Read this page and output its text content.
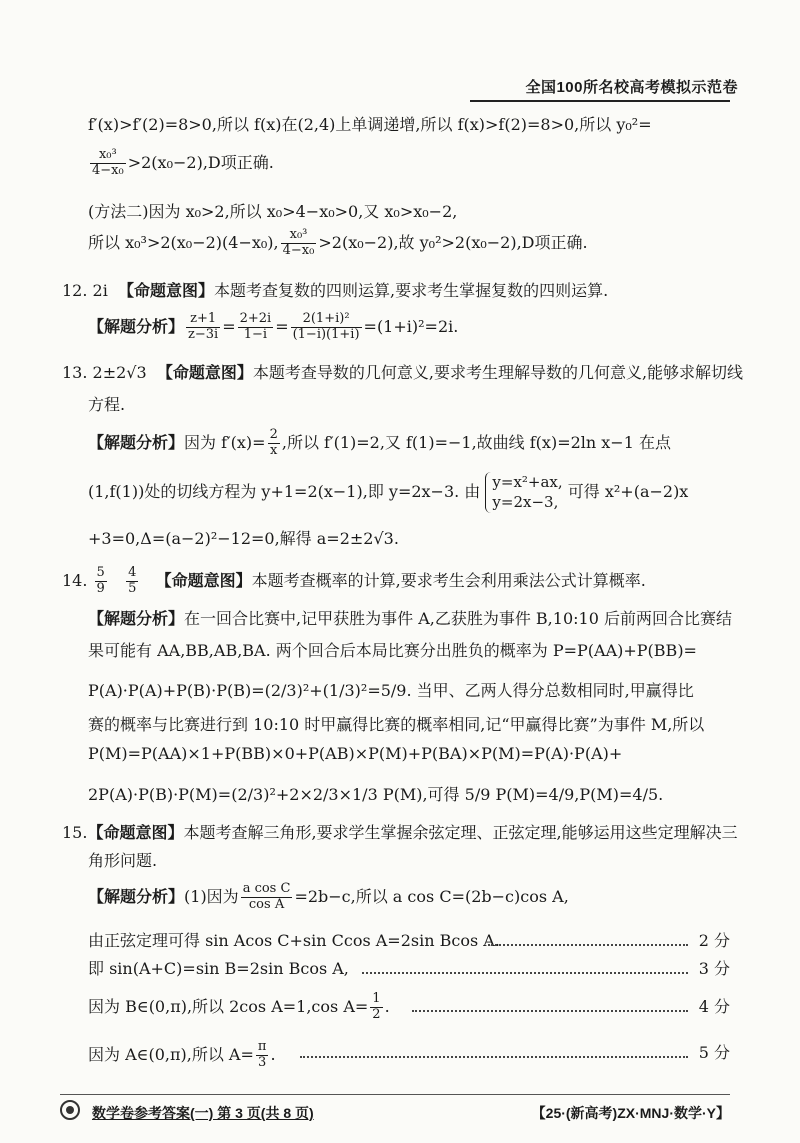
全国100所名校高考模拟示范卷
f′(x)>f′(2)=8>0,所以 f(x)在(2,4)上单调递增,所以 f(x)>f(2)=8>0,所以 y₀²=
$\frac{\text{x₀³}}{\text{4−x₀}} >2(x_0-2),D$项正确.
(方法二)因为 x₀>2,所以 x₀>4−x₀>0,又 x₀>x₀−2,
所以 x₀³>2(x₀−2)(4−x₀), $\frac{\text{x₀³}}{\text{4−x₀}} >2(x_0-2)$,故 y₀²>2(x₀−2),D项正确.
12. 2i 【命题意图】本题考查复数的四则运算,要求考生掌握复数的四则运算.
【解题分析】 $\frac{z+1}{z-3i} = \frac{2+2i}{1-i} = \frac{\text{2(1+i)²}}{(1-i)(1+i)} =(1+i)^2=2i$.
13. 2±2√3 【命题意图】本题考查导数的几何意义,要求考生理解导数的几何意义,能够求解切线
方程.
【解题分析】因为 $f'(x)= \frac{2}{x}$ ,所以 f′(1)=2,又 f(1)=−1,故曲线 f(x)=2ln x−1 在点
(1,f(1))处的切线方程为 y+1=2(x−1),即 y=2x−3. 由 y=x²+ax,
y=2x−3,
可得 x²+(a−2)x
+3=0,Δ=(a−2)²−12=0,解得 a=2±2√3.
14. $\frac{5}{9}$
$\frac{4}{5}$ 【命题意图】本题考查概率的计算,要求考生会利用乘法公式计算概率.
【解题分析】在一回合比赛中,记甲获胜为事件 A,乙获胜为事件 B,10:10 后前两回合比赛结
果可能有 AA,BB,AB,BA. 两个回合后本局比赛分出胜负的概率为 P=P(AA)+P(BB)=
P(A)·P(A)+P(B)·P(B)=(2/3)²+(1/3)²=5/9. 当甲、乙两人得分总数相同时,甲赢得比
赛的概率与比赛进行到 10:10 时甲赢得比赛的概率相同,记“甲赢得比赛”为事件 M,所以
P(M)=P(AA)×1+P(BB)×0+P(AB)×P(M)+P(BA)×P(M)=P(A)·P(A)+
2P(A)·P(B)·P(M)=(2/3)²+2×2/3×1/3 P(M),可得 5/9 P(M)=4/9,P(M)=4/5.
15.【命题意图】本题考查解三角形,要求学生掌握余弦定理、正弦定理,能够运用这些定理解决三
角形问题.
【解题分析】(1)因为 $\frac{\text{a cos C}}{\text{cos A}} =2b-c$,所以 a cos C=(2b−c)cos A,
由正弦定理可得 sin Acos C+sin Ccos A=2sin Bcos A.	2 分
即 sin(A+C)=sin B=2sin Bcos A,	3 分
因为 B∈(0,π),所以 2cos A=1,cos $A= \frac{1}{2}$ .	4 分
因为 A∈(0,π),所以 $A= \frac{\pi}{3}$ .	5 分
数学卷参考答案(一) 第 3 页(共 8 页)	【25·(新高考)ZX·MNJ·数学·Y】
